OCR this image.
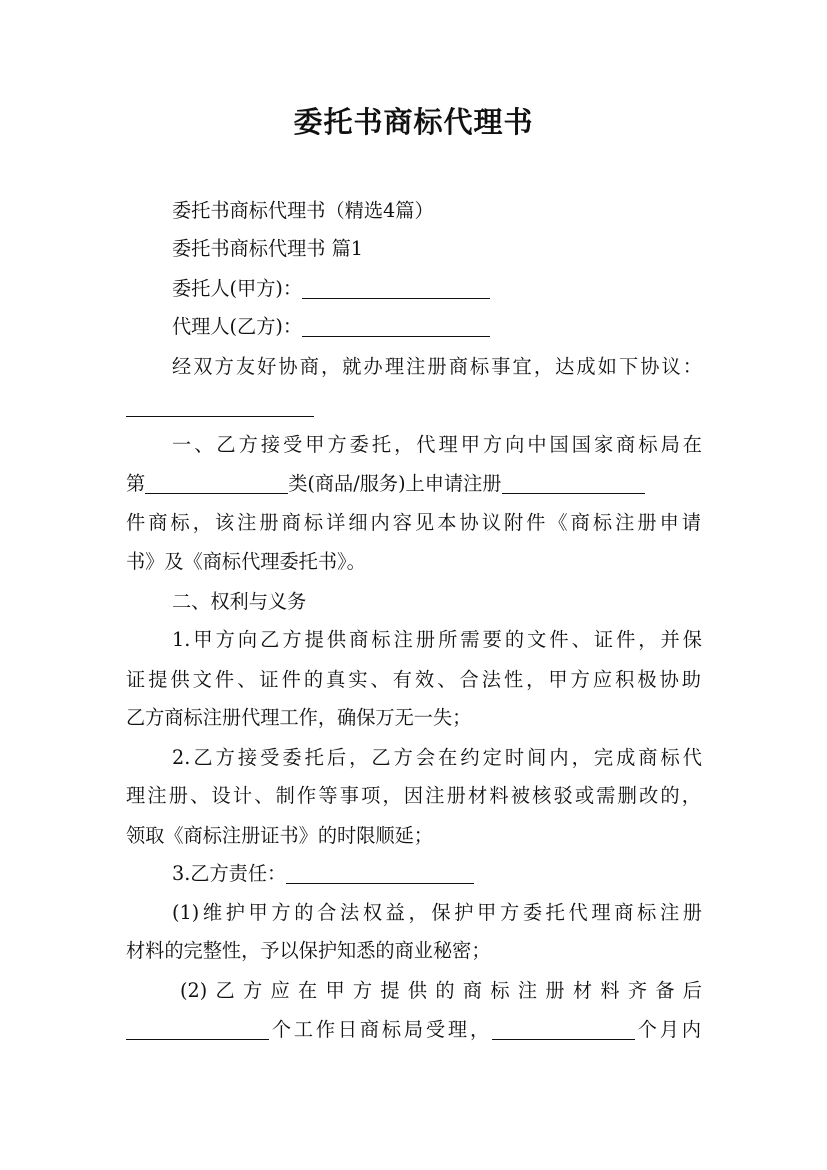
委托书商标代理书
委托书商标代理书（精选4篇）
委托书商标代理书 篇1
委托人(甲方)：
代理人(乙方)：
经双方友好协商，就办理注册商标事宜，达成如下协议：
一、乙方接受甲方委托，代理甲方向中国国家商标局在
第	类(商品/服务)上申请注册
件商标，该注册商标详细内容见本协议附件《商标注册申请
书》及《商标代理委托书》。
二、权利与义务
1.甲方向乙方提供商标注册所需要的文件、证件，并保
证提供文件、证件的真实、有效、合法性，甲方应积极协助
乙方商标注册代理工作，确保万无一失；
2.乙方接受委托后，乙方会在约定时间内，完成商标代
理注册、设计、制作等事项，因注册材料被核驳或需删改的，
领取《商标注册证书》的时限顺延；
3.乙方责任：
(1)维护甲方的合法权益，保护甲方委托代理商标注册
材料的完整性，予以保护知悉的商业秘密；
(2)乙方应在甲方提供的商标注册材料齐备后
个工作日商标局受理，	个月内
